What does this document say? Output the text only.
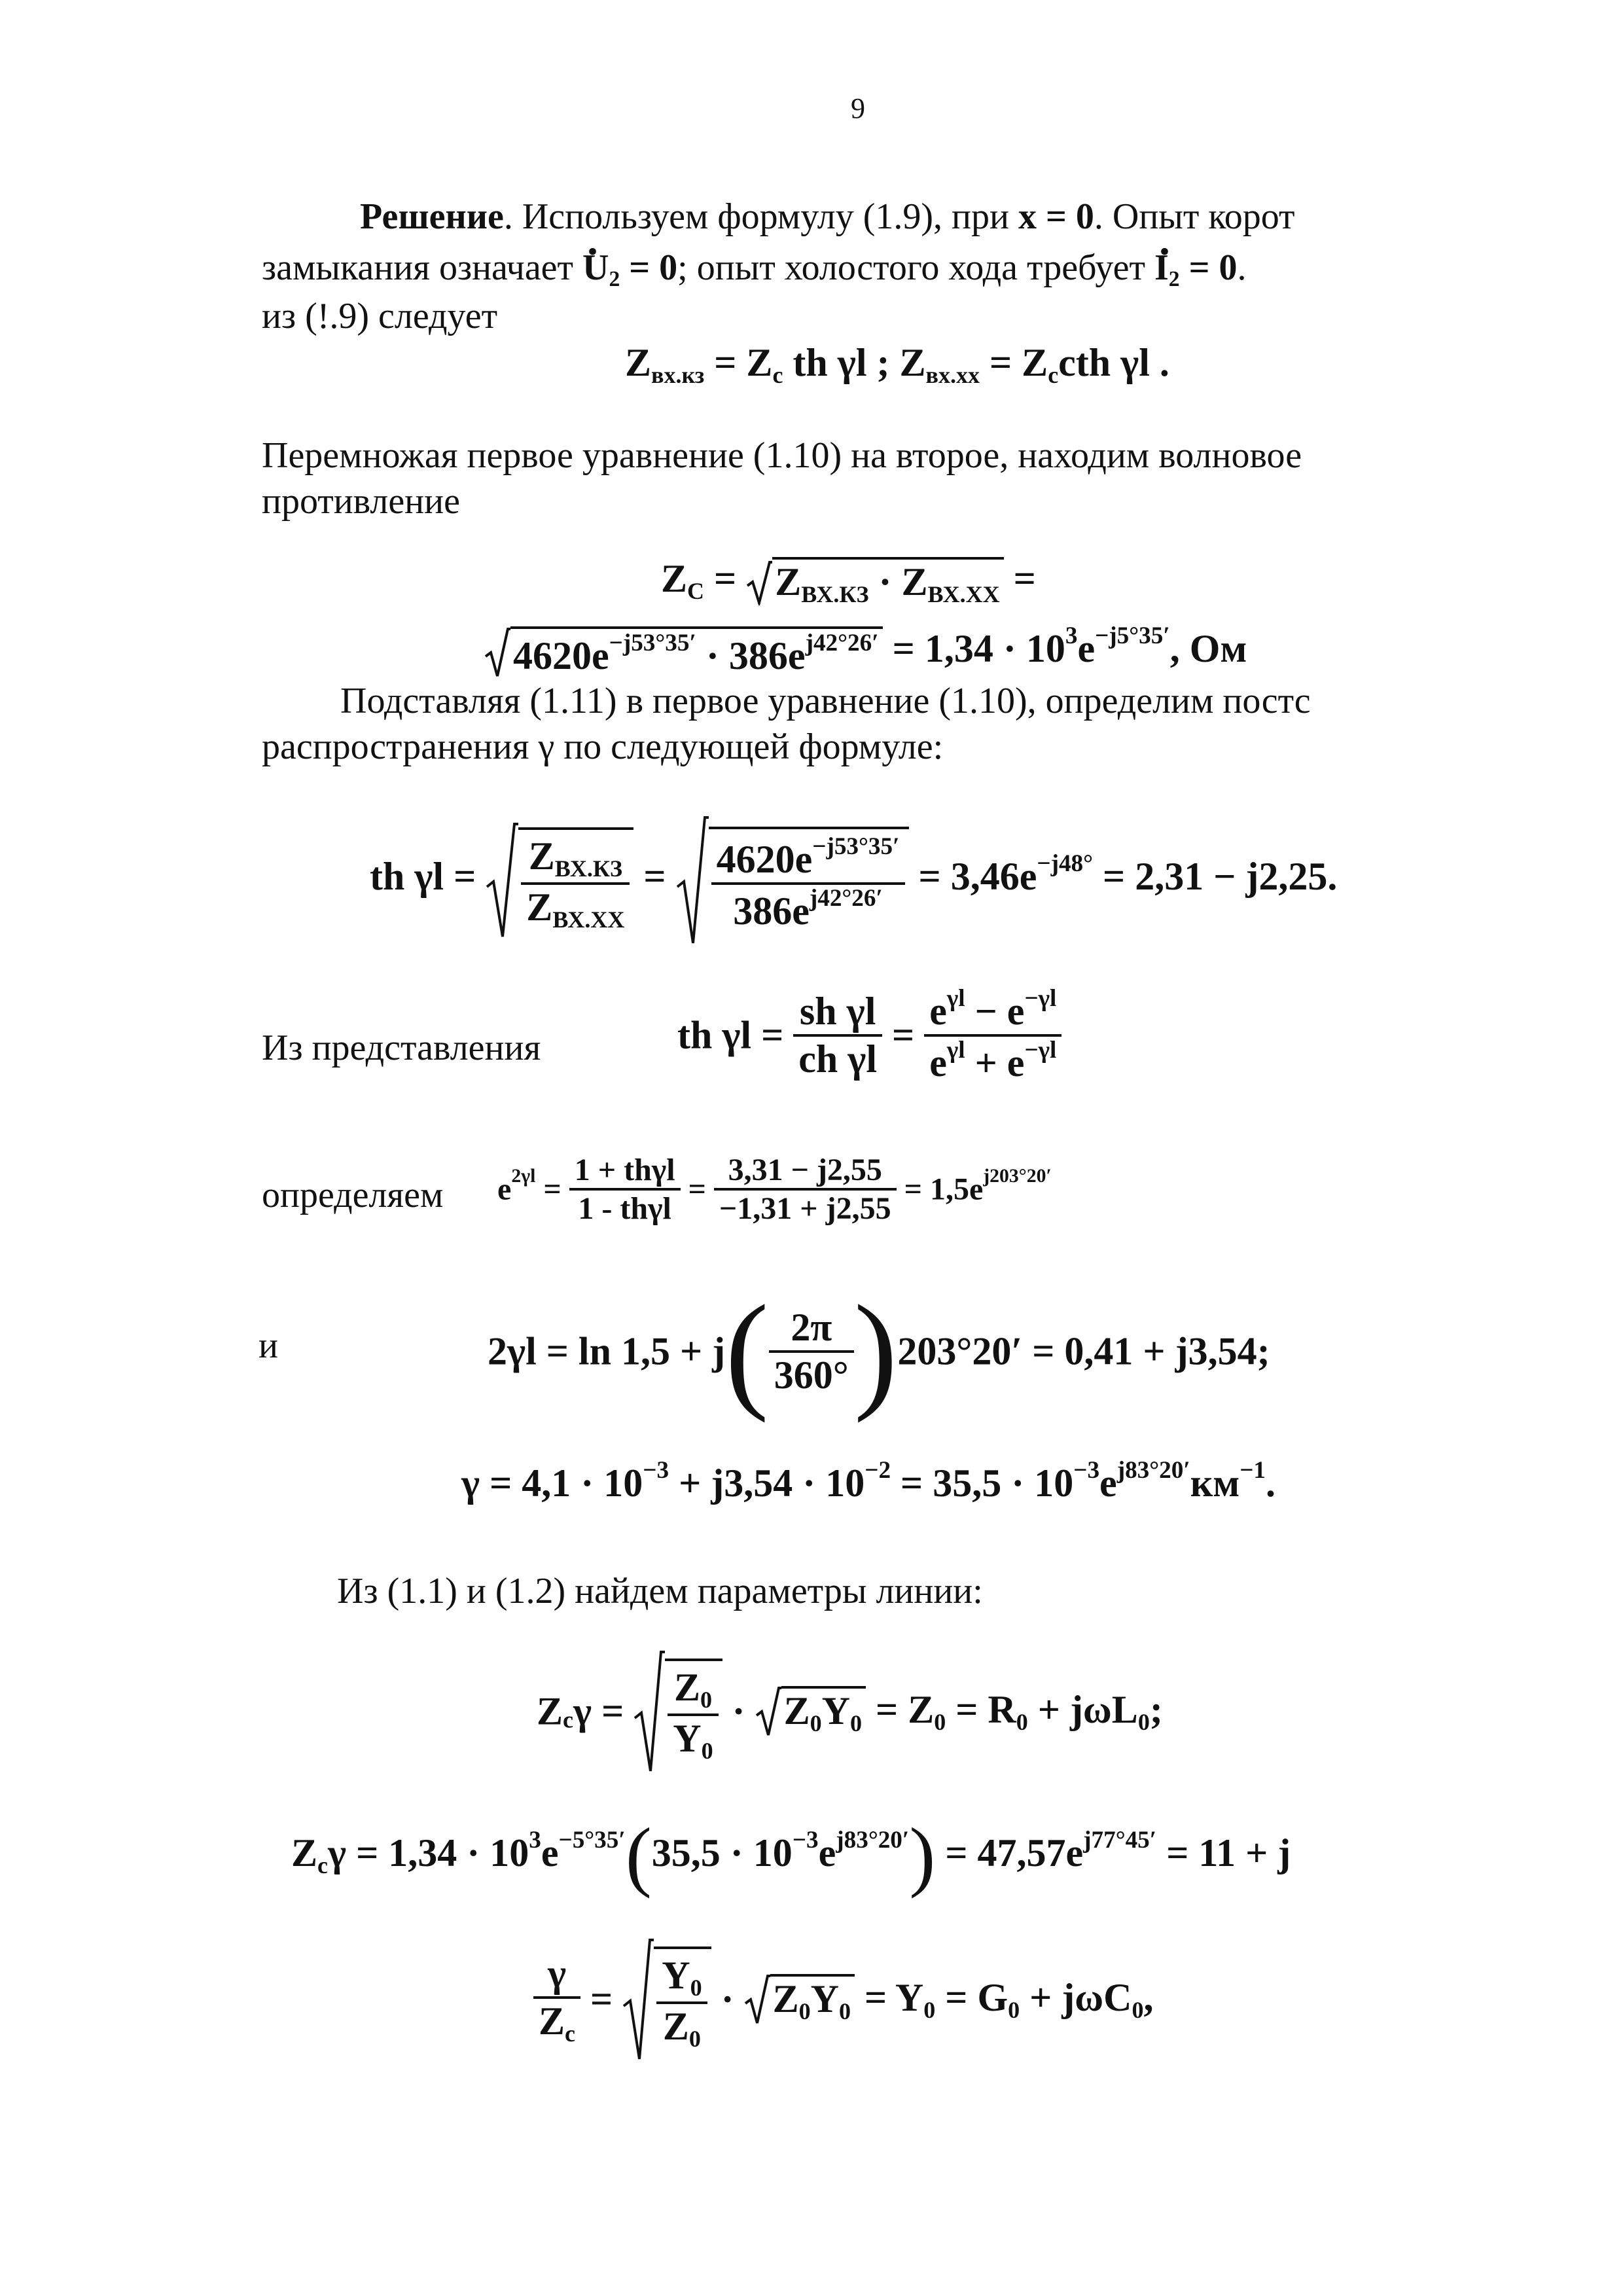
9
Решение. Используем формулу (1.9), при x = 0. Опыт корот
замыкания означает • $U_2 = 0$; опыт холостого хода требует • $I_2 = 0$.
из (!.9) следует
$Z_{вх.кз} = Z_c$ th γl ; $Z_{вх.хх} = Z_ccth$ γl .
Перемножая первое уравнение (1.10) на второе, находим волновое
противление
$Z_C = Z_{ВХ.КЗ} \cdot Z_{ВХ.ХХ}$ =
$4620e^{-j53^\circ 35'} \cdot 386e^{j42^\circ 26'} = 1,34 \cdot 10^3e^{-j5^\circ 35'}$, Ом
Подставляя (1.11) в первое уравнение (1.10), определим постс
распространения γ по следующей формуле:
th $\gamma l = \frac{Z_{ВХ.КЗ}}{Z_{ВХ.ХХ}} = \frac{4620e^{-j53^\circ 35'}}{386e^{j42^\circ 26'}} = 3,46e^{-j48^\circ} = 2,31 - j2,25$.
Из представления	th $\gamma l = \frac{\text{sh γl}}{\text{ch γl}} = \frac{e^{\gamma l} - e^{-\gamma l}}{e^{\gamma l} + e^{-\gamma l}}$
определяем $e^{2\gamma l} = \frac{\text{1 + thγl}}{\text{1 - thγl}} = \frac{3,31 - j2,55}{-1,31 + j2,55} = 1,5e^{j203^\circ 20'}$
и	$2\gamma l = \ln 1,5 + j( \frac{2\pi}{360^\circ} )203^\circ 20' = 0,41 + j3,54$;
$\gamma = 4,1 \cdot 10^{-3} + j3,54 \cdot 10^{-2} = 35,5 \cdot 10^{-3}e^{j83^\circ 20'}км^{-1}$.
Из (1.1) и (1.2) найдем параметры линии:
$Z_c\gamma = \frac{Z_0}{Y_0} \cdot Z_0Y_0 = Z_0 = R_0 + j\omega L_0$;
$Z_c\gamma = 1,34 \cdot 10^3e^{-5^\circ 35'}(35,5 \cdot 10^{-3}e^{j83^\circ 20'}) = 47,57e^{j77^\circ 45'} = 11 + j$
$\frac{\gamma}{Z_c} = \frac{Y_0}{Z_0} \cdot Z_0Y_0 = Y_0 = G_0 + j\omega C_0$,
